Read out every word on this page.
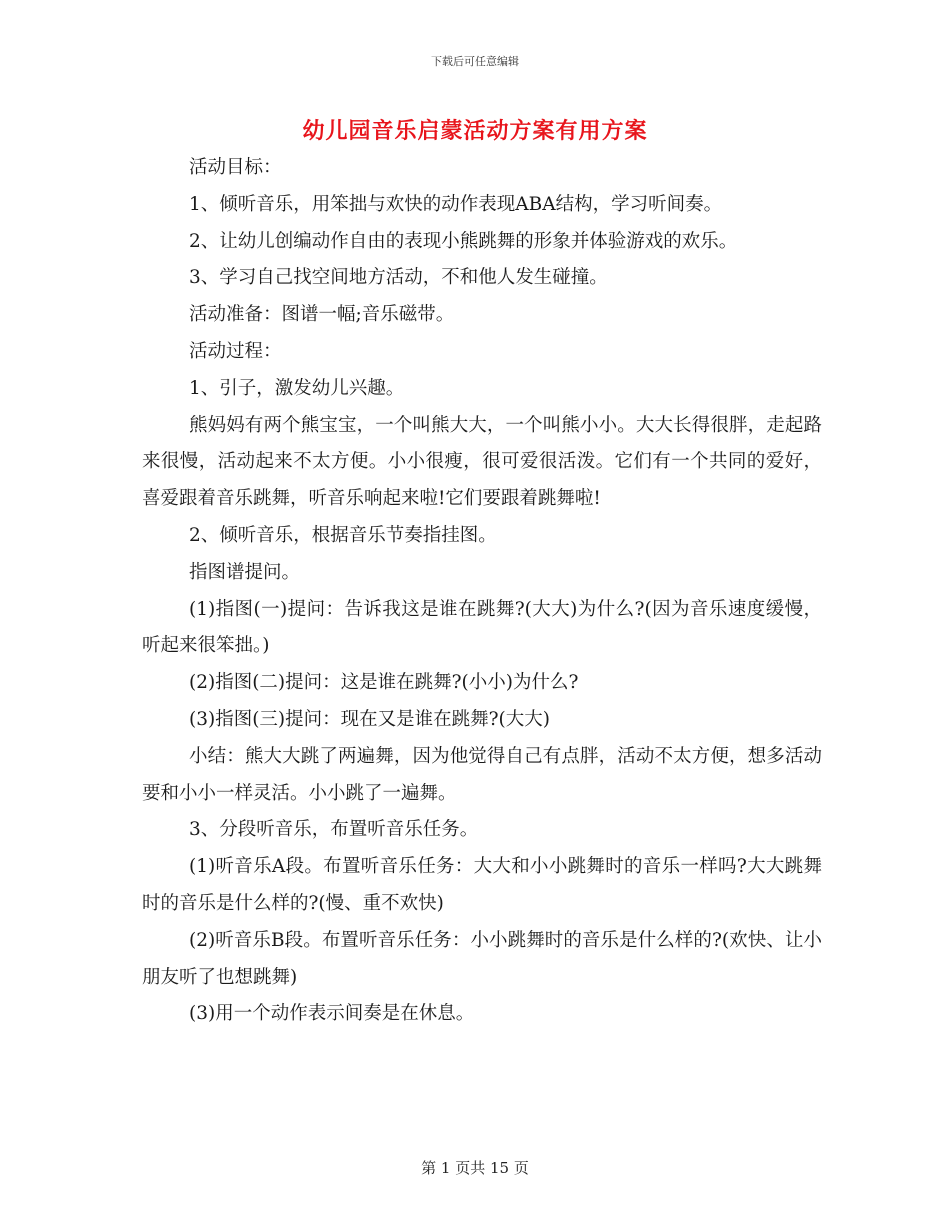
下载后可任意编辑
幼儿园音乐启蒙活动方案有用方案

活动目标：

1、倾听音乐，用笨拙与欢快的动作表现ABA结构，学习听间奏。

2、让幼儿创编动作自由的表现小熊跳舞的形象并体验游戏的欢乐。

3、学习自己找空间地方活动，不和他人发生碰撞。

活动准备：图谱一幅;音乐磁带。

活动过程：

1、引子，激发幼儿兴趣。

熊妈妈有两个熊宝宝，一个叫熊大大，一个叫熊小小。大大长得很胖，走起路来很慢，活动起来不太方便。小小很瘦，很可爱很活泼。它们有一个共同的爱好，喜爱跟着音乐跳舞，听音乐响起来啦!它们要跟着跳舞啦!

2、倾听音乐，根据音乐节奏指挂图。

指图谱提问。

(1)指图(一)提问：告诉我这是谁在跳舞?(大大)为什么?(因为音乐速度缓慢，听起来很笨拙。)

(2)指图(二)提问：这是谁在跳舞?(小小)为什么?

(3)指图(三)提问：现在又是谁在跳舞?(大大)

小结：熊大大跳了两遍舞，因为他觉得自己有点胖，活动不太方便，想多活动要和小小一样灵活。小小跳了一遍舞。

3、分段听音乐，布置听音乐任务。

(1)听音乐A段。布置听音乐任务：大大和小小跳舞时的音乐一样吗?大大跳舞时的音乐是什么样的?(慢、重不欢快)

(2)听音乐B段。布置听音乐任务：小小跳舞时的音乐是什么样的?(欢快、让小朋友听了也想跳舞)

(3)用一个动作表示间奏是在休息。

第 1 页共 15 页
